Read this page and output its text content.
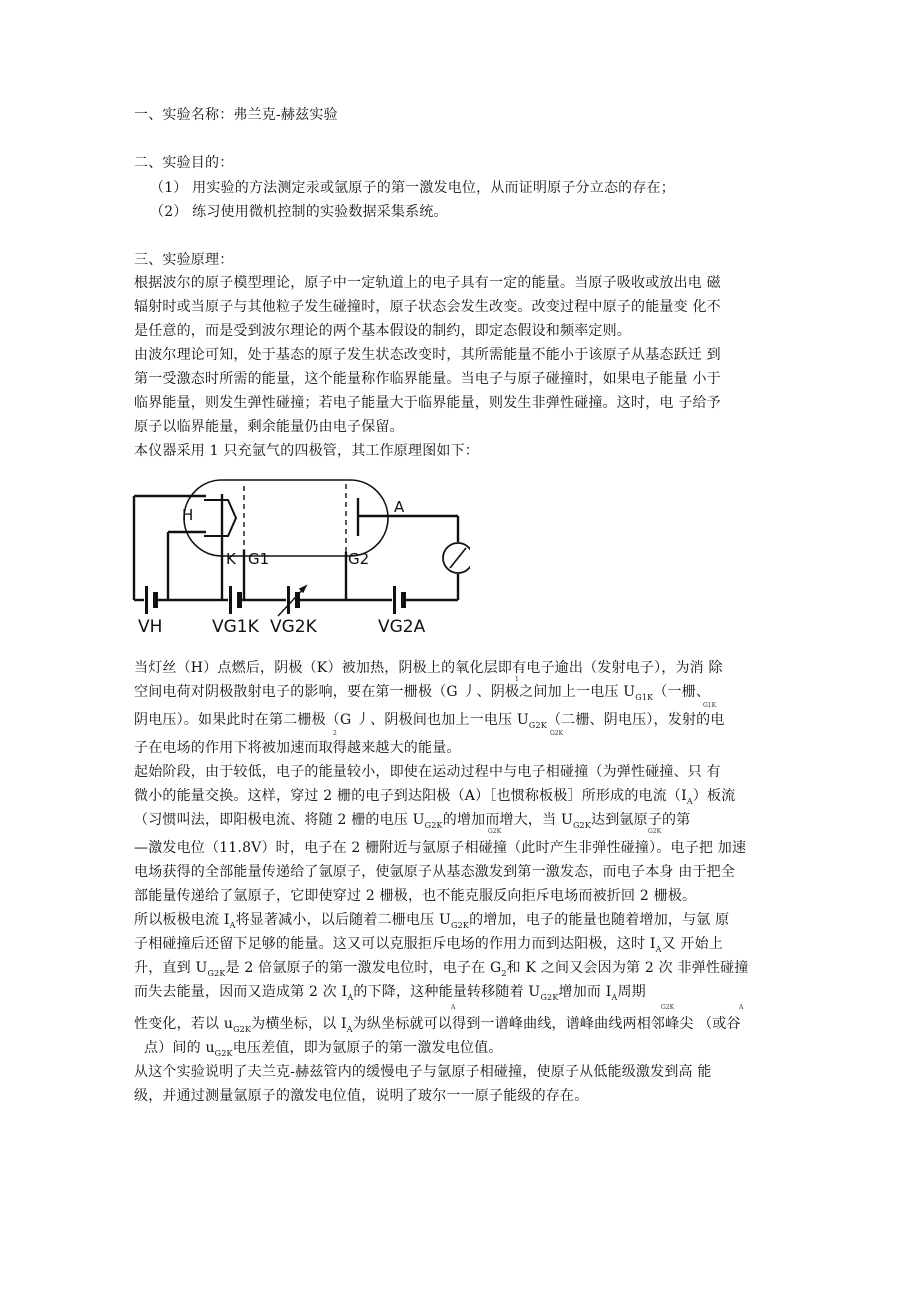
一、实验名称：弗兰克-赫兹实验
二、实验目的：
（1） 用实验的方法测定汞或氩原子的第一激发电位，从而证明原子分立态的存在；
（2） 练习使用微机控制的实验数据采集系统。
三、实验原理：
根据波尔的原子模型理论，原子中一定轨道上的电子具有一定的能量。当原子吸收或放出电 磁
辐射时或当原子与其他粒子发生碰撞时，原子状态会发生改变。改变过程中原子的能量变 化不
是任意的，而是受到波尔理论的两个基本假设的制约，即定态假设和频率定则。
由波尔理论可知，处于基态的原子发生状态改变时，其所需能量不能小于该原子从基态跃迁 到
第一受激态时所需的能量，这个能量称作临界能量。当电子与原子碰撞时，如果电子能量 小于
临界能量，则发生弹性碰撞；若电子能量大于临界能量，则发生非弹性碰撞。这时，电 子给予
原子以临界能量，剩余能量仍由电子保留。
本仪器采用 1 只充氩气的四极管，其工作原理图如下：
H
K G1	G2
A
VH	VG1K VG2K	VG2A
当灯丝（H）点燃后，阴极（K）被加热，阴极上的氧化层即有电子逾出（发射电子），为消 除
空间电荷对阴极散射电子的影响，要在第一栅极（G 丿、阴极之间加上一电压 $U_{G1K}$（一栅、
1
G1K
阴电压）。如果此时在第二栅极（G 丿、阴极间也加上一电压 $U_{G2K}$（二栅、阴电压），发射的电
2	G2K
子在电场的作用下将被加速而取得越来越大的能量。
起始阶段，由于较低，电子的能量较小，即使在运动过程中与电子相碰撞（为弹性碰撞、只 有
微小的能量交换。这样，穿过 2 栅的电子到达阳极（A）［也惯称板极］所形成的电流$(I_A)$板流
（习惯叫法，即阳极电流、将随 2 栅的电压 $U_{G2K}$的增加而增大，当 $U_{G2K}$达到氩原子的第
G2K	G2K
—激发电位（11.8V）时，电子在 2 栅附近与氩原子相碰撞（此时产生非弹性碰撞）。电子把 加速
电场获得的全部能量传递给了氩原子，使氩原子从基态激发到第一激发态，而电子本身 由于把全
部能量传递给了氩原子，它即使穿过 2 栅极，也不能克服反向拒斥电场而被折回 2 栅极。
所以板极电流 $I_A$将显著减小，以后随着二栅电压 $U_{G2K}$的增加，电子的能量也随着增加，与氩 原
子相碰撞后还留下足够的能量。这又可以克服拒斥电场的作用力而到达阳极，这时 $I_A$又 开始上
升，直到 $U_{G2K}$是 2 倍氩原子的第一激发电位时，电子在 $G_2$和 K 之间又会因为第 2 次 非弹性碰撞
而失去能量，因而又造成第 2 次 $I_A$的下降，这种能量转移随着 $U_{G2K}$增加而 $I_A$周期
A	G2K	A
性变化，若以 $u_{G2K}$为横坐标，以 $I_A$为纵坐标就可以得到一谱峰曲线，谱峰曲线两相邻峰尖 （或谷
点）间的 $u_{G2K}$电压差值，即为氩原子的第一激发电位值。
从这个实验说明了夫兰克-赫兹管内的缓慢电子与氩原子相碰撞，使原子从低能级激发到高 能
级，并通过测量氩原子的激发电位值，说明了玻尔一一原子能级的存在。
